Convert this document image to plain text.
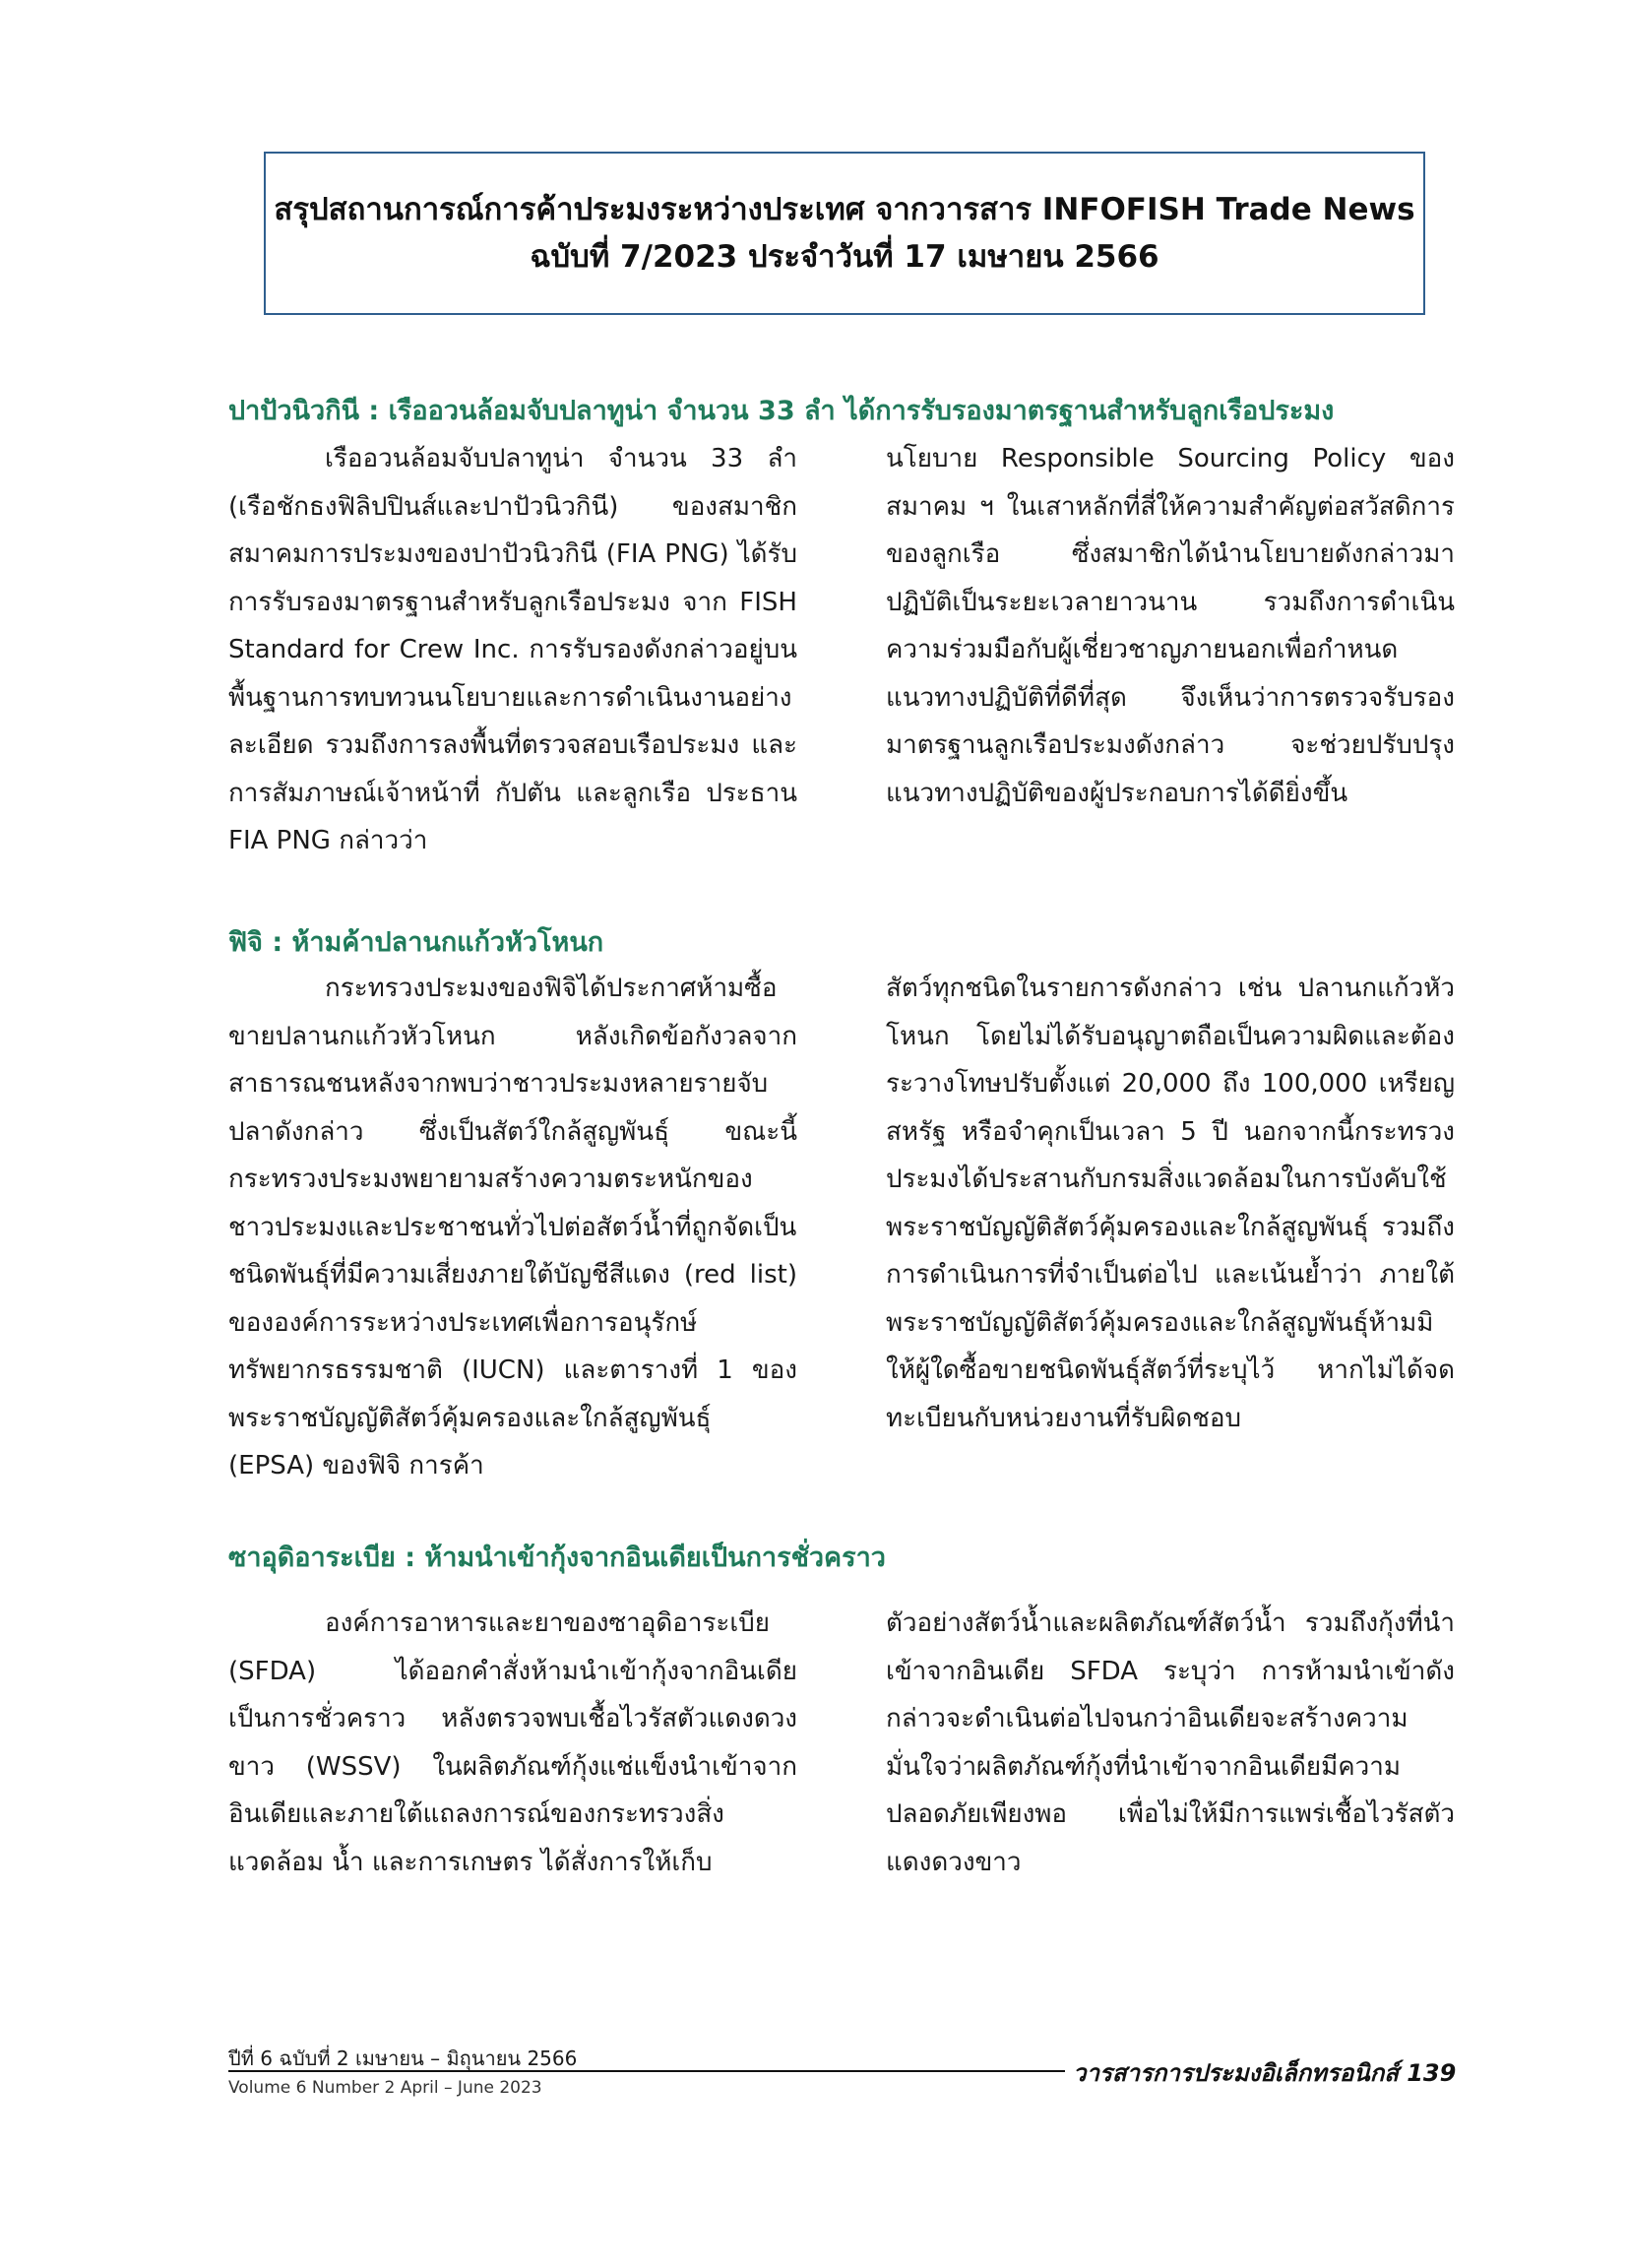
สรุปสถานการณ์การค้าประมงระหว่างประเทศ จากวารสาร INFOFISH Trade News
ฉบับที่ 7/2023 ประจำวันที่ 17 เมษายน 2566
ปาปัวนิวกินี : เรืออวนล้อมจับปลาทูน่า จำนวน 33 ลำ ได้การรับรองมาตรฐานสำหรับลูกเรือประมง

เรืออวนล้อมจับปลาทูน่า จำนวน 33 ลำ (เรือชักธงฟิลิปปินส์และปาปัวนิวกินี) ของสมาชิกสมาคมการประมงของปาปัวนิวกินี (FIA PNG) ได้รับการรับรองมาตรฐานสำหรับลูกเรือประมง จาก FISH Standard for Crew Inc. การรับรองดังกล่าวอยู่บนพื้นฐานการทบทวนนโยบายและการดำเนินงานอย่างละเอียด รวมถึงการลงพื้นที่ตรวจสอบเรือประมง และการสัมภาษณ์เจ้าหน้าที่ กัปตัน และลูกเรือ ประธาน FIA PNG กล่าวว่า

นโยบาย Responsible Sourcing Policy ของสมาคม ฯ ในเสาหลักที่สี่ให้ความสำคัญต่อสวัสดิการของลูกเรือ ซึ่งสมาชิกได้นำนโยบายดังกล่าวมาปฏิบัติเป็นระยะเวลายาวนาน รวมถึงการดำเนินความร่วมมือกับผู้เชี่ยวชาญภายนอกเพื่อกำหนดแนวทางปฏิบัติที่ดีที่สุด จึงเห็นว่าการตรวจรับรองมาตรฐานลูกเรือประมงดังกล่าว จะช่วยปรับปรุงแนวทางปฏิบัติของผู้ประกอบการได้ดียิ่งขึ้น

ฟิจิ : ห้ามค้าปลานกแก้วหัวโหนก

กระทรวงประมงของฟิจิได้ประกาศห้ามซื้อขายปลานกแก้วหัวโหนก หลังเกิดข้อกังวลจากสาธารณชนหลังจากพบว่าชาวประมงหลายรายจับปลาดังกล่าว ซึ่งเป็นสัตว์ใกล้สูญพันธุ์ ขณะนี้กระทรวงประมงพยายามสร้างความตระหนักของชาวประมงและประชาชนทั่วไปต่อสัตว์น้ำที่ถูกจัดเป็นชนิดพันธุ์ที่มีความเสี่ยงภายใต้บัญชีสีแดง (red list) ขององค์การระหว่างประเทศเพื่อการอนุรักษ์ทรัพยากรธรรมชาติ (IUCN) และตารางที่ 1 ของพระราชบัญญัติสัตว์คุ้มครองและใกล้สูญพันธุ์ (EPSA) ของฟิจิ การค้า

สัตว์ทุกชนิดในรายการดังกล่าว เช่น ปลานกแก้วหัวโหนก โดยไม่ได้รับอนุญาตถือเป็นความผิดและต้องระวางโทษปรับตั้งแต่ 20,000 ถึง 100,000 เหรียญสหรัฐ หรือจำคุกเป็นเวลา 5 ปี นอกจากนี้กระทรวงประมงได้ประสานกับกรมสิ่งแวดล้อมในการบังคับใช้พระราชบัญญัติสัตว์คุ้มครองและใกล้สูญพันธุ์ รวมถึงการดำเนินการที่จำเป็นต่อไป และเน้นย้ำว่า ภายใต้พระราชบัญญัติสัตว์คุ้มครองและใกล้สูญพันธุ์ห้ามมิให้ผู้ใดซื้อขายชนิดพันธุ์สัตว์ที่ระบุไว้ หากไม่ได้จดทะเบียนกับหน่วยงานที่รับผิดชอบ

ซาอุดิอาระเบีย : ห้ามนำเข้ากุ้งจากอินเดียเป็นการชั่วคราว

องค์การอาหารและยาของซาอุดิอาระเบีย (SFDA) ได้ออกคำสั่งห้ามนำเข้ากุ้งจากอินเดียเป็นการชั่วคราว หลังตรวจพบเชื้อไวรัสตัวแดงดวงขาว (WSSV) ในผลิตภัณฑ์กุ้งแช่แข็งนำเข้าจากอินเดียและภายใต้แถลงการณ์ของกระทรวงสิ่งแวดล้อม น้ำ และการเกษตร ได้สั่งการให้เก็บ

ตัวอย่างสัตว์น้ำและผลิตภัณฑ์สัตว์น้ำ รวมถึงกุ้งที่นำเข้าจากอินเดีย SFDA ระบุว่า การห้ามนำเข้าดังกล่าวจะดำเนินต่อไปจนกว่าอินเดียจะสร้างความมั่นใจว่าผลิตภัณฑ์กุ้งที่นำเข้าจากอินเดียมีความปลอดภัยเพียงพอ เพื่อไม่ให้มีการแพร่เชื้อไวรัสตัวแดงดวงขาว

ปีที่ 6 ฉบับที่ 2 เมษายน – มิถุนายน 2566
Volume 6 Number 2 April – June 2023
วารสารการประมงอิเล็กทรอนิกส์ 139
